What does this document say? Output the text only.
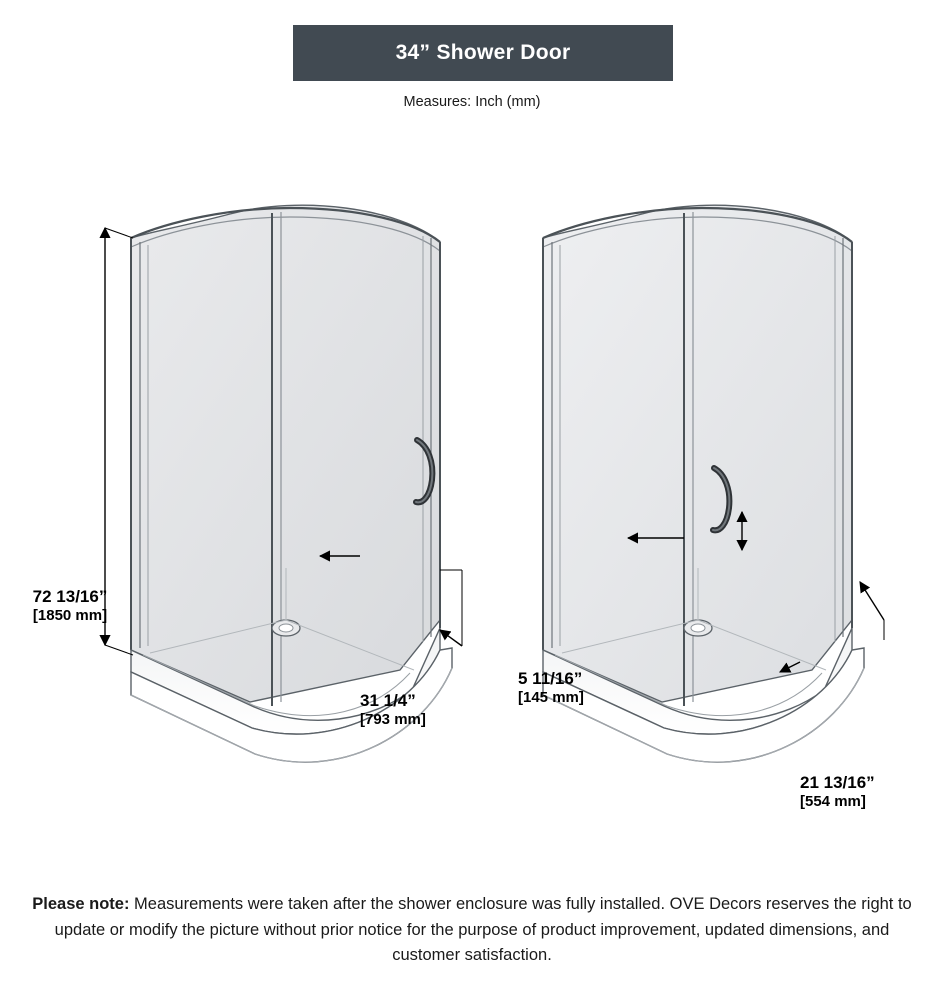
34” Shower Door
Measures: Inch (mm)
72 13/16”
[1850 mm]
31 1/4”
[793 mm]
5 11/16”
[145 mm]
21 13/16”
[554 mm]
Please note: Measurements were taken after the shower enclosure was fully installed. OVE Decors reserves the right to update or modify the picture without prior notice for the purpose of product improvement, updated dimensions, and customer satisfaction.
